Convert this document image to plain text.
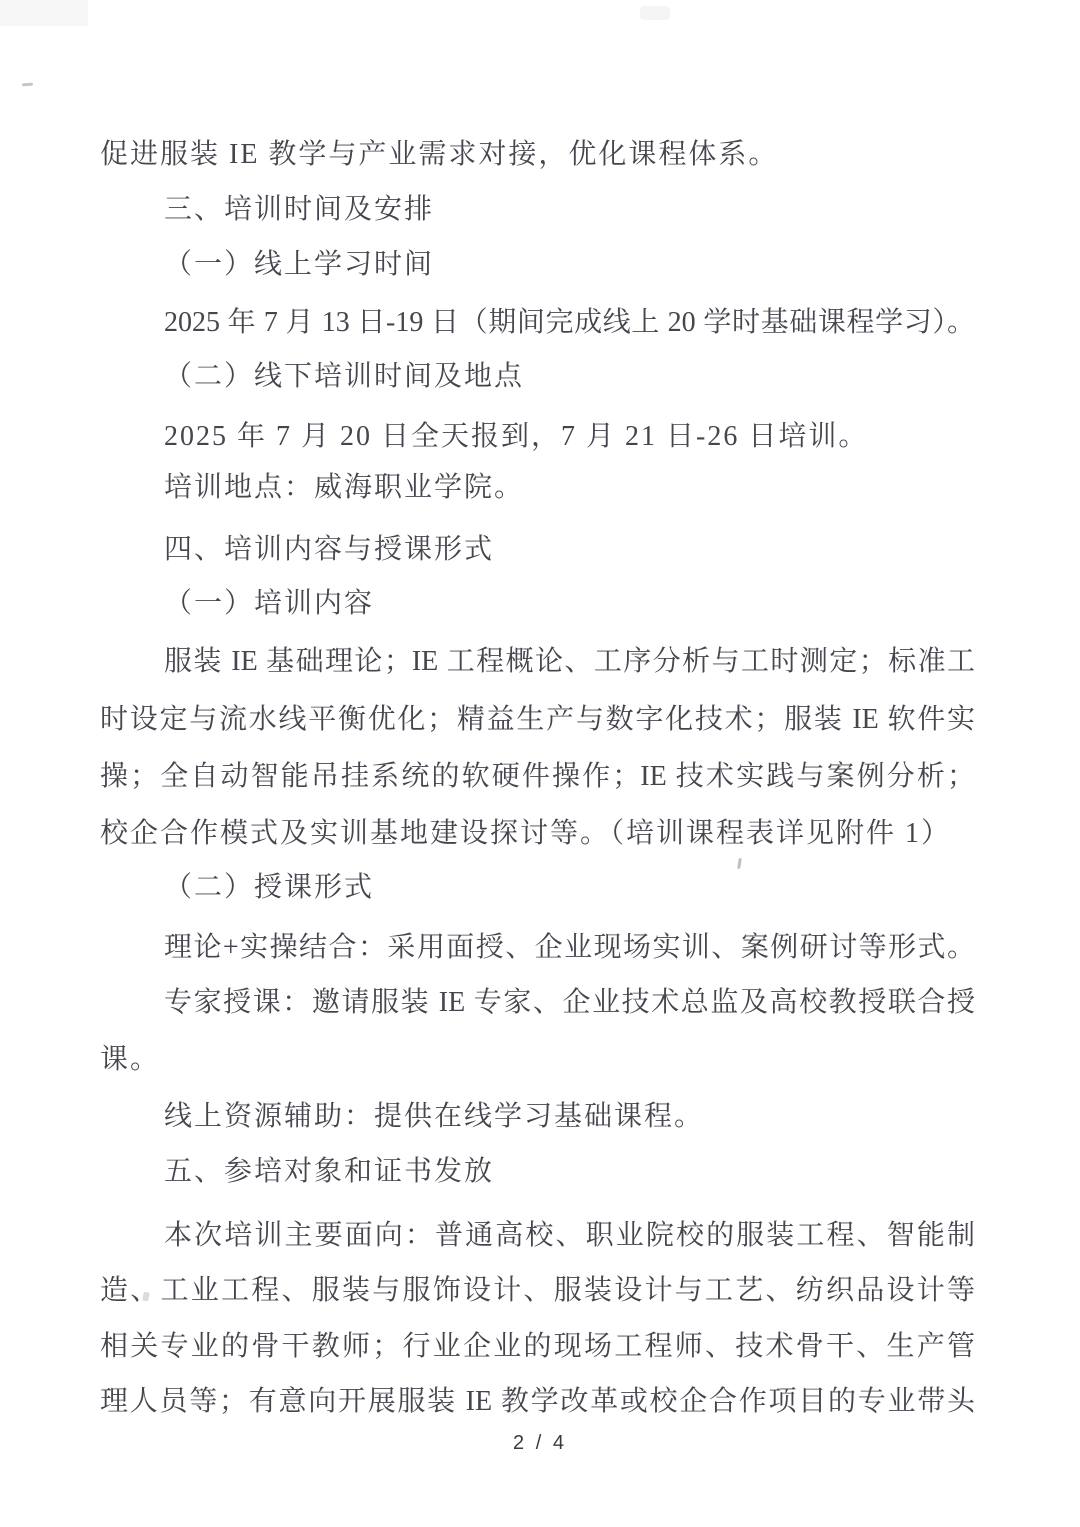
促进服装 IE 教学与产业需求对接，优化课程体系。
三、培训时间及安排
（一）线上学习时间
2025 年 7 月 13 日-19 日（期间完成线上 20 学时基础课程学习）。
（二）线下培训时间及地点
2025 年 7 月 20 日全天报到，7 月 21 日-26 日培训。
培训地点：威海职业学院。
四、培训内容与授课形式
（一）培训内容
服装 IE 基础理论；IE 工程概论、工序分析与工时测定；标准工
时设定与流水线平衡优化；精益生产与数字化技术；服装 IE 软件实
操；全自动智能吊挂系统的软硬件操作；IE 技术实践与案例分析；
校企合作模式及实训基地建设探讨等。（培训课程表详见附件 1）
（二）授课形式
理论+实操结合：采用面授、企业现场实训、案例研讨等形式。
专家授课：邀请服装 IE 专家、企业技术总监及高校教授联合授
课。
线上资源辅助：提供在线学习基础课程。
五、参培对象和证书发放
本次培训主要面向：普通高校、职业院校的服装工程、智能制
造、工业工程、服装与服饰设计、服装设计与工艺、纺织品设计等
相关专业的骨干教师；行业企业的现场工程师、技术骨干、生产管
理人员等；有意向开展服装 IE 教学改革或校企合作项目的专业带头
2 / 4
